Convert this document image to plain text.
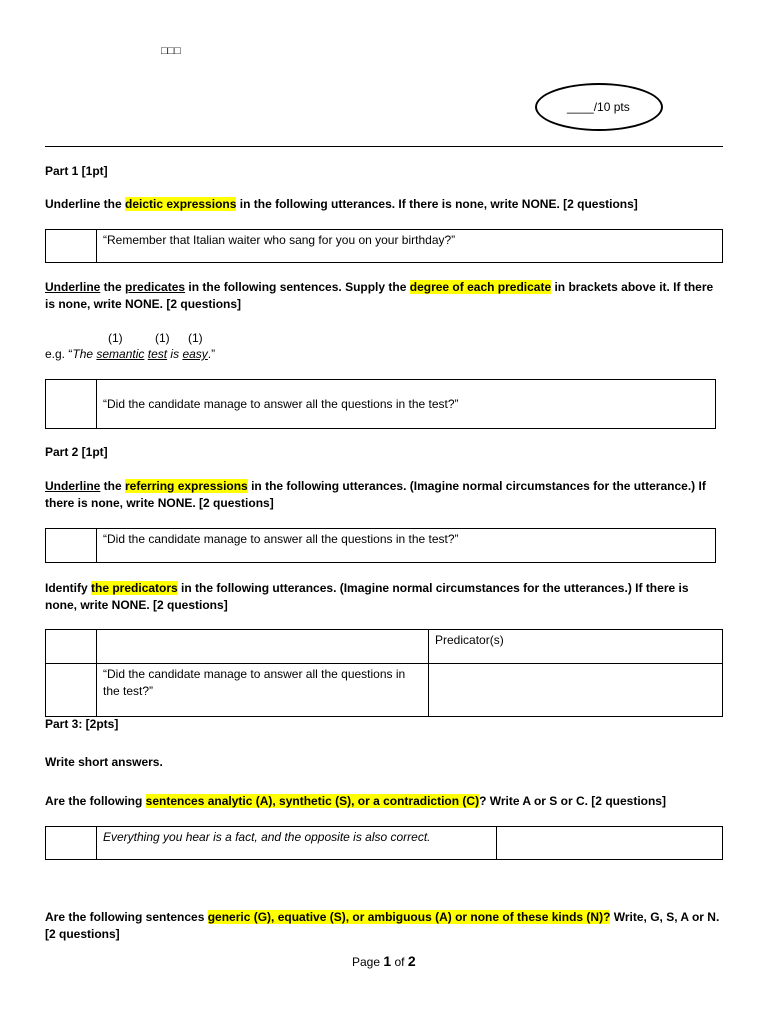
□□□
____/10 pts
Part 1 [1pt]
Underline the deictic expressions in the following utterances. If there is none, write NONE. [2 questions]
	“Remember that Italian waiter who sang for you on your birthday?”
Underline the predicates in the following sentences. Supply the degree of each predicate in brackets above it. If there
is none, write NONE. [2 questions]
(1)	(1) (1)
e.g. “The semantic test is easy.”
	“Did the candidate manage to answer all the questions in the test?”
Part 2 [1pt]
Underline the referring expressions in the following utterances. (Imagine normal circumstances for the utterance.) If
there is none, write NONE. [2 questions]
	“Did the candidate manage to answer all the questions in the test?”
Identify the predicators in the following utterances. (Imagine normal circumstances for the utterances.) If there is
none, write NONE. [2 questions]
		Predicator(s)
	“Did the candidate manage to answer all the questions in the test?”	
Part 3: [2pts]
Write short answers.
Are the following sentences analytic (A), synthetic (S), or a contradiction (C)? Write A or S or C. [2 questions]
	Everything you hear is a fact, and the opposite is also correct.	
Are the following sentences generic (G), equative (S), or ambiguous (A) or none of these kinds (N)? Write, G, S, A or N.
[2 questions]
Page 1 of 2
